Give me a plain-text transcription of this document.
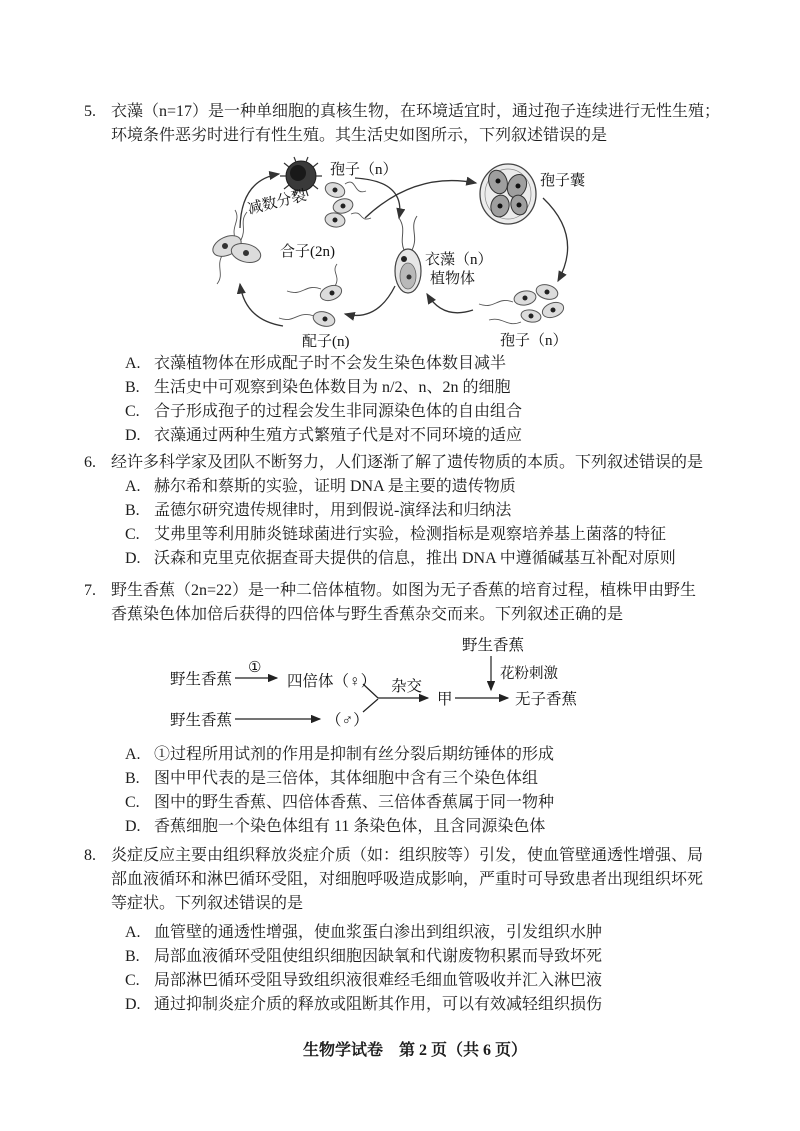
5. 衣藻（n=17）是一种单细胞的真核生物，在环境适宜时，通过孢子连续进行无性生殖；
环境条件恶劣时进行有性生殖。其生活史如图所示，下列叙述错误的是
孢子（n）
减数分裂
合子(2n)	衣藻（n）
植物体
孢子囊
配子(n)	孢子（n）
A. 衣藻植物体在形成配子时不会发生染色体数目减半
B. 生活史中可观察到染色体数目为 n/2、n、2n 的细胞
C. 合子形成孢子的过程会发生非同源染色体的自由组合
D. 衣藻通过两种生殖方式繁殖子代是对不同环境的适应
6. 经许多科学家及团队不断努力，人们逐渐了解了遗传物质的本质。下列叙述错误的是
A. 赫尔希和蔡斯的实验，证明 DNA 是主要的遗传物质
B. 孟德尔研究遗传规律时，用到假说-演绎法和归纳法
C. 艾弗里等利用肺炎链球菌进行实验，检测指标是观察培养基上菌落的特征
D. 沃森和克里克依据查哥夫提供的信息，推出 DNA 中遵循碱基互补配对原则
7. 野生香蕉（2n=22）是一种二倍体植物。如图为无子香蕉的培育过程，植株甲由野生
香蕉染色体加倍后获得的四倍体与野生香蕉杂交而来。下列叙述正确的是
野生香蕉
①
四倍体（♀）
野生香蕉	（♂）
杂交
甲
野生香蕉
花粉刺激
无子香蕉
A. ①过程所用试剂的作用是抑制有丝分裂后期纺锤体的形成
B. 图中甲代表的是三倍体，其体细胞中含有三个染色体组
C. 图中的野生香蕉、四倍体香蕉、三倍体香蕉属于同一物种
D. 香蕉细胞一个染色体组有 11 条染色体，且含同源染色体
8. 炎症反应主要由组织释放炎症介质（如：组织胺等）引发，使血管壁通透性增强、局
部血液循环和淋巴循环受阻，对细胞呼吸造成影响，严重时可导致患者出现组织坏死
等症状。下列叙述错误的是
A. 血管壁的通透性增强，使血浆蛋白渗出到组织液，引发组织水肿
B. 局部血液循环受阻使组织细胞因缺氧和代谢废物积累而导致坏死
C. 局部淋巴循环受阻导致组织液很难经毛细血管吸收并汇入淋巴液
D. 通过抑制炎症介质的释放或阻断其作用，可以有效减轻组织损伤
生物学试卷　第 2 页（共 6 页）
